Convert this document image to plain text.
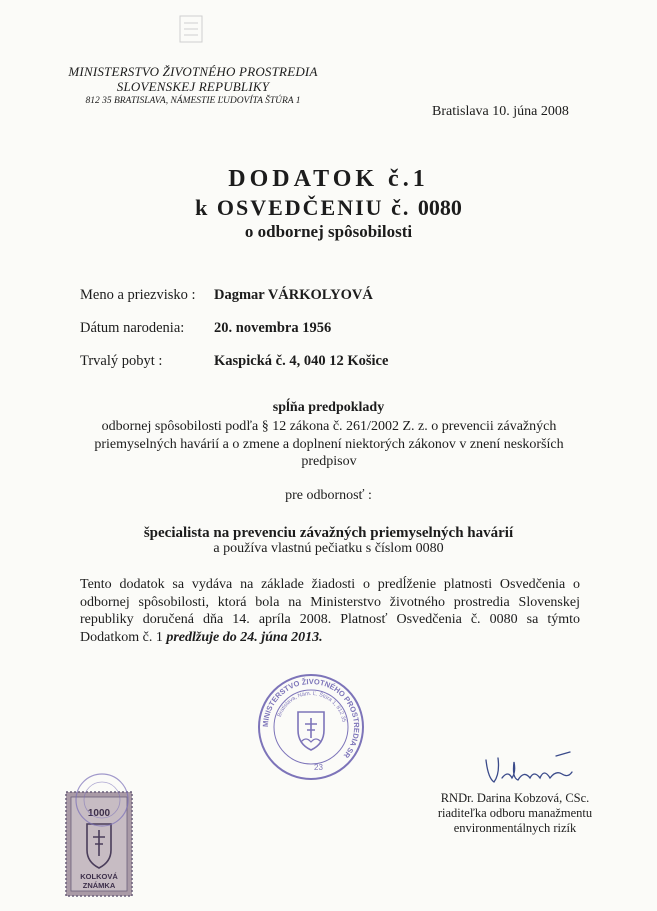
MINISTERSTVO ŽIVOTNÉHO PROSTREDIA
SLOVENSKEJ REPUBLIKY
812 35 BRATISLAVA, NÁMESTIE ĽUDOVÍTA ŠTÚRA 1
Bratislava 10. júna 2008
DODATOK č.1
k OSVEDČENIU č. 0080
o odbornej spôsobilosti
Meno a priezvisko : Dagmar VÁRKOLYOVÁ
Dátum narodenia: 20. novembra 1956
Trvalý pobyt :	Kaspická č. 4, 040 12 Košice
spĺňa predpoklady
odbornej spôsobilosti podľa § 12 zákona č. 261/2002 Z. z. o prevencii závažných priemyselných havárií a o zmene a doplnení niektorých zákonov v znení neskorších predpisov
pre odbornosť :
špecialista na prevenciu závažných priemyselných havárií
a používa vlastnú pečiatku s číslom 0080
Tento dodatok sa vydáva na základe žiadosti o predĺženie platnosti Osvedčenia o odbornej spôsobilosti, ktorá bola na Ministerstvo životného prostredia Slovenskej republiky doručená dňa 14. apríla 2008. Platnosť Osvedčenia č. 0080 sa týmto Dodatkom č. 1 predlžuje do 24. júna 2013.
MINISTERSTVO ŽIVOTNÉHO PROSTREDIA SR
Bratislava, Nám. Ľ. Štúra 1, 812 35
23
RNDr. Darina Kobzová, CSc.
riaditeľka odboru manažmentu
environmentálnych rizík
1000
KOLKOVÁ
ZNÁMKA
